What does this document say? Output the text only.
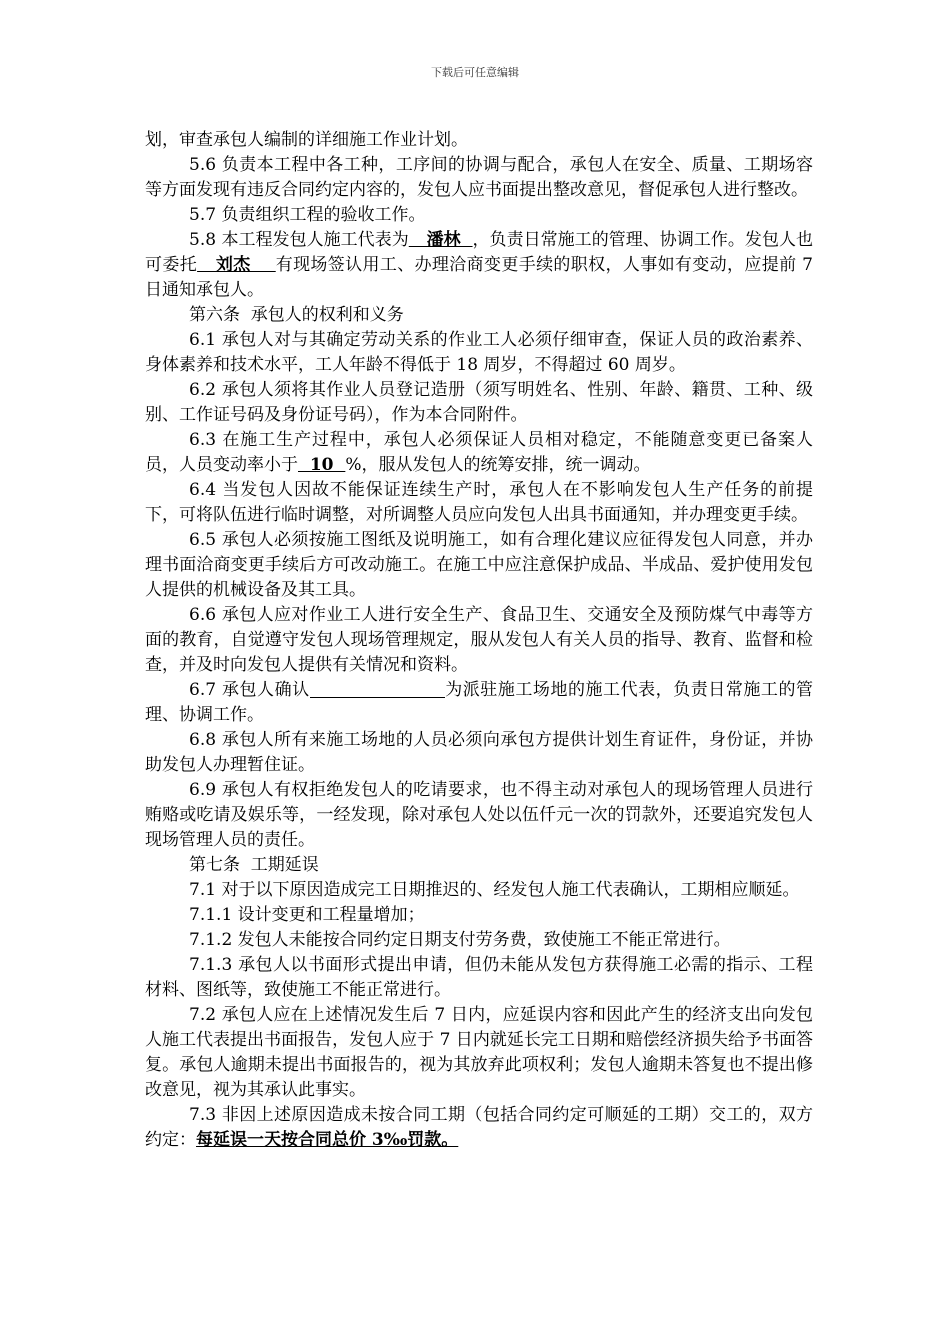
下载后可任意编辑

划，审查承包人编制的详细施工作业计划。

5.6 负责本工程中各工种，工序间的协调与配合，承包人在安全、质量、工期场容等方面发现有违反合同约定内容的，发包人应书面提出整改意见，督促承包人进行整改。

5.7 负责组织工程的验收工作。

5.8 本工程发包人施工代表为   潘林  ，负责日常施工的管理、协调工作。发包人也可委托   刘杰    有现场签认用工、办理洽商变更手续的职权，人事如有变动，应提前 7 日通知承包人。

第六条  承包人的权利和义务

6.1 承包人对与其确定劳动关系的作业工人必须仔细审查，保证人员的政治素养、身体素养和技术水平，工人年龄不得低于 18 周岁，不得超过 60 周岁。

6.2 承包人须将其作业人员登记造册（须写明姓名、性别、年龄、籍贯、工种、级别、工作证号码及身份证号码），作为本合同附件。

6.3 在施工生产过程中，承包人必须保证人员相对稳定，不能随意变更已备案人员，人员变动率小于  10  %，服从发包人的统筹安排，统一调动。

6.4 当发包人因故不能保证连续生产时，承包人在不影响发包人生产任务的前提下，可将队伍进行临时调整，对所调整人员应向发包人出具书面通知，并办理变更手续。

6.5 承包人必须按施工图纸及说明施工，如有合理化建议应征得发包人同意，并办理书面洽商变更手续后方可改动施工。在施工中应注意保护成品、半成品、爱护使用发包人提供的机械设备及其工具。

6.6 承包人应对作业工人进行安全生产、食品卫生、交通安全及预防煤气中毒等方面的教育，自觉遵守发包人现场管理规定，服从发包人有关人员的指导、教育、监督和检查，并及时向发包人提供有关情况和资料。

6.7 承包人确认	为派驻施工场地的施工代表，负责日常施工的管理、协调工作。

6.8 承包人所有来施工场地的人员必须向承包方提供计划生育证件，身份证，并协助发包人办理暂住证。

6.9 承包人有权拒绝发包人的吃请要求，也不得主动对承包人的现场管理人员进行贿赂或吃请及娱乐等，一经发现，除对承包人处以伍仟元一次的罚款外，还要追究发包人现场管理人员的责任。

第七条  工期延误

7.1 对于以下原因造成完工日期推迟的、经发包人施工代表确认，工期相应顺延。

7.1.1 设计变更和工程量增加；

7.1.2 发包人未能按合同约定日期支付劳务费，致使施工不能正常进行。

7.1.3 承包人以书面形式提出申请，但仍未能从发包方获得施工必需的指示、工程材料、图纸等，致使施工不能正常进行。

7.2 承包人应在上述情况发生后 7 日内，应延误内容和因此产生的经济支出向发包人施工代表提出书面报告，发包人应于 7 日内就延长完工日期和赔偿经济损失给予书面答复。承包人逾期未提出书面报告的，视为其放弃此项权利；发包人逾期未答复也不提出修改意见，视为其承认此事实。

7.3 非因上述原因造成未按合同工期（包括合同约定可顺延的工期）交工的，双方约定：每延误一天按合同总价 3‰罚款。
